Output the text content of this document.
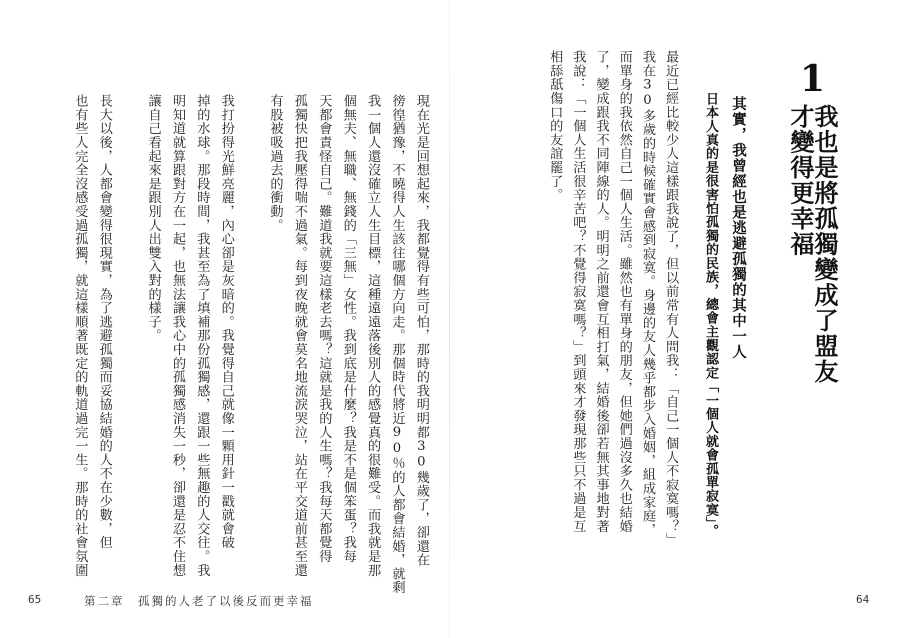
現在光是回想起來，我都覺得有些可怕，那時的我明明都30幾歲了，卻還在
徬徨猶豫，不曉得人生該往哪個方向走。那個時代將近90％的人都會結婚，就剩
我一個人還沒確立人生目標，這種遠遠落後別人的感覺真的很難受。而我就是那
個無夫、無職、無錢的「三無」女性。我到底是什麼？我是不是個笨蛋？我每
天都會責怪自己。難道我就要這樣老去嗎？這就是我的人生嗎？我每天都覺得
孤獨快把我壓得喘不過氣。每到夜晚就會莫名地流淚哭泣，站在平交道前甚至還
有股被吸過去的衝動。
我打扮得光鮮亮麗，內心卻是灰暗的。我覺得自己就像一顆用針一戳就會破
掉的水球。那段時間，我甚至為了填補那份孤獨感，還跟一些無趣的人交往。我
明知道就算跟對方在一起，也無法讓我心中的孤獨感消失一秒，卻還是忍不住想
讓自己看起來是跟別人出雙入對的樣子。
長大以後，人都會變得很現實，為了逃避孤獨而妥協結婚的人不在少數，但
也有些人完全沒感受過孤獨，就這樣順著既定的軌道過完一生。那時的社會氛圍
65	第二章　孤獨的人老了以後反而更幸福
1
我也是將孤獨變成了盟友
才變得更幸福
其實，我曾經也是逃避孤獨的其中一人
日本人真的是很害怕孤獨的民族，總會主觀認定「一個人就會孤單寂寞」。
最近已經比較少人這樣跟我說了，但以前常有人問我：「自己一個人不寂寞嗎？」
我在30多歲的時候確實會感到寂寞。身邊的友人幾乎都步入婚姻，組成家庭，
而單身的我依然自己一個人生活。雖然也有單身的朋友，但她們過沒多久也結婚
了，變成跟我不同陣線的人。明明之前還會互相打氣，結婚後卻若無其事地對著
我說：「一個人生活很辛苦吧？不覺得寂寞嗎？」到頭來才發現那些只不過是互
相舔舐傷口的友誼罷了。
64
